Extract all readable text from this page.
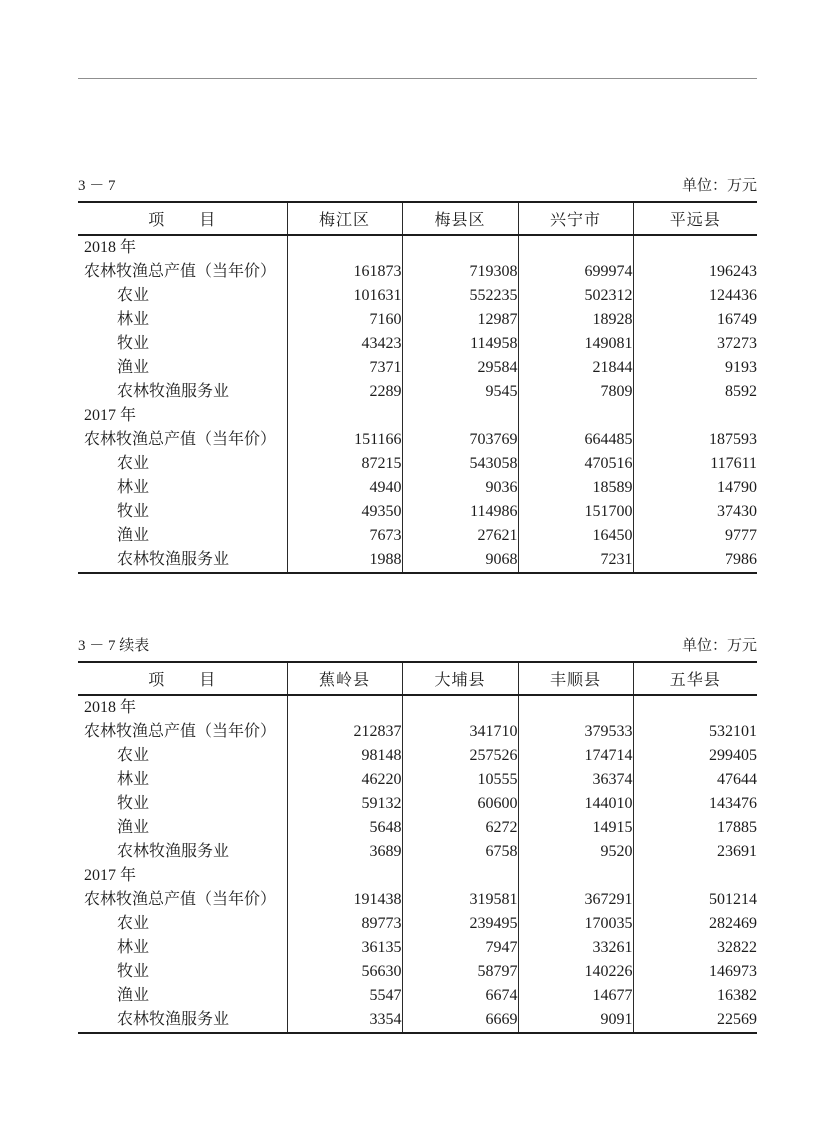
3 － 7	单位：万元
项　　目	梅江区	梅县区	兴宁市	平远县
2018 年				
农林牧渔总产值（当年价）	161873	719308	699974	196243
农业	101631	552235	502312	124436
林业	7160	12987	18928	16749
牧业	43423	114958	149081	37273
渔业	7371	29584	21844	9193
农林牧渔服务业	2289	9545	7809	8592
2017 年				
农林牧渔总产值（当年价）	151166	703769	664485	187593
农业	87215	543058	470516	117611
林业	4940	9036	18589	14790
牧业	49350	114986	151700	37430
渔业	7673	27621	16450	9777
农林牧渔服务业	1988	9068	7231	7986
3 － 7 续表	单位：万元
项　　目	蕉岭县	大埔县	丰顺县	五华县
2018 年				
农林牧渔总产值（当年价）	212837	341710	379533	532101
农业	98148	257526	174714	299405
林业	46220	10555	36374	47644
牧业	59132	60600	144010	143476
渔业	5648	6272	14915	17885
农林牧渔服务业	3689	6758	9520	23691
2017 年				
农林牧渔总产值（当年价）	191438	319581	367291	501214
农业	89773	239495	170035	282469
林业	36135	7947	33261	32822
牧业	56630	58797	140226	146973
渔业	5547	6674	14677	16382
农林牧渔服务业	3354	6669	9091	22569
